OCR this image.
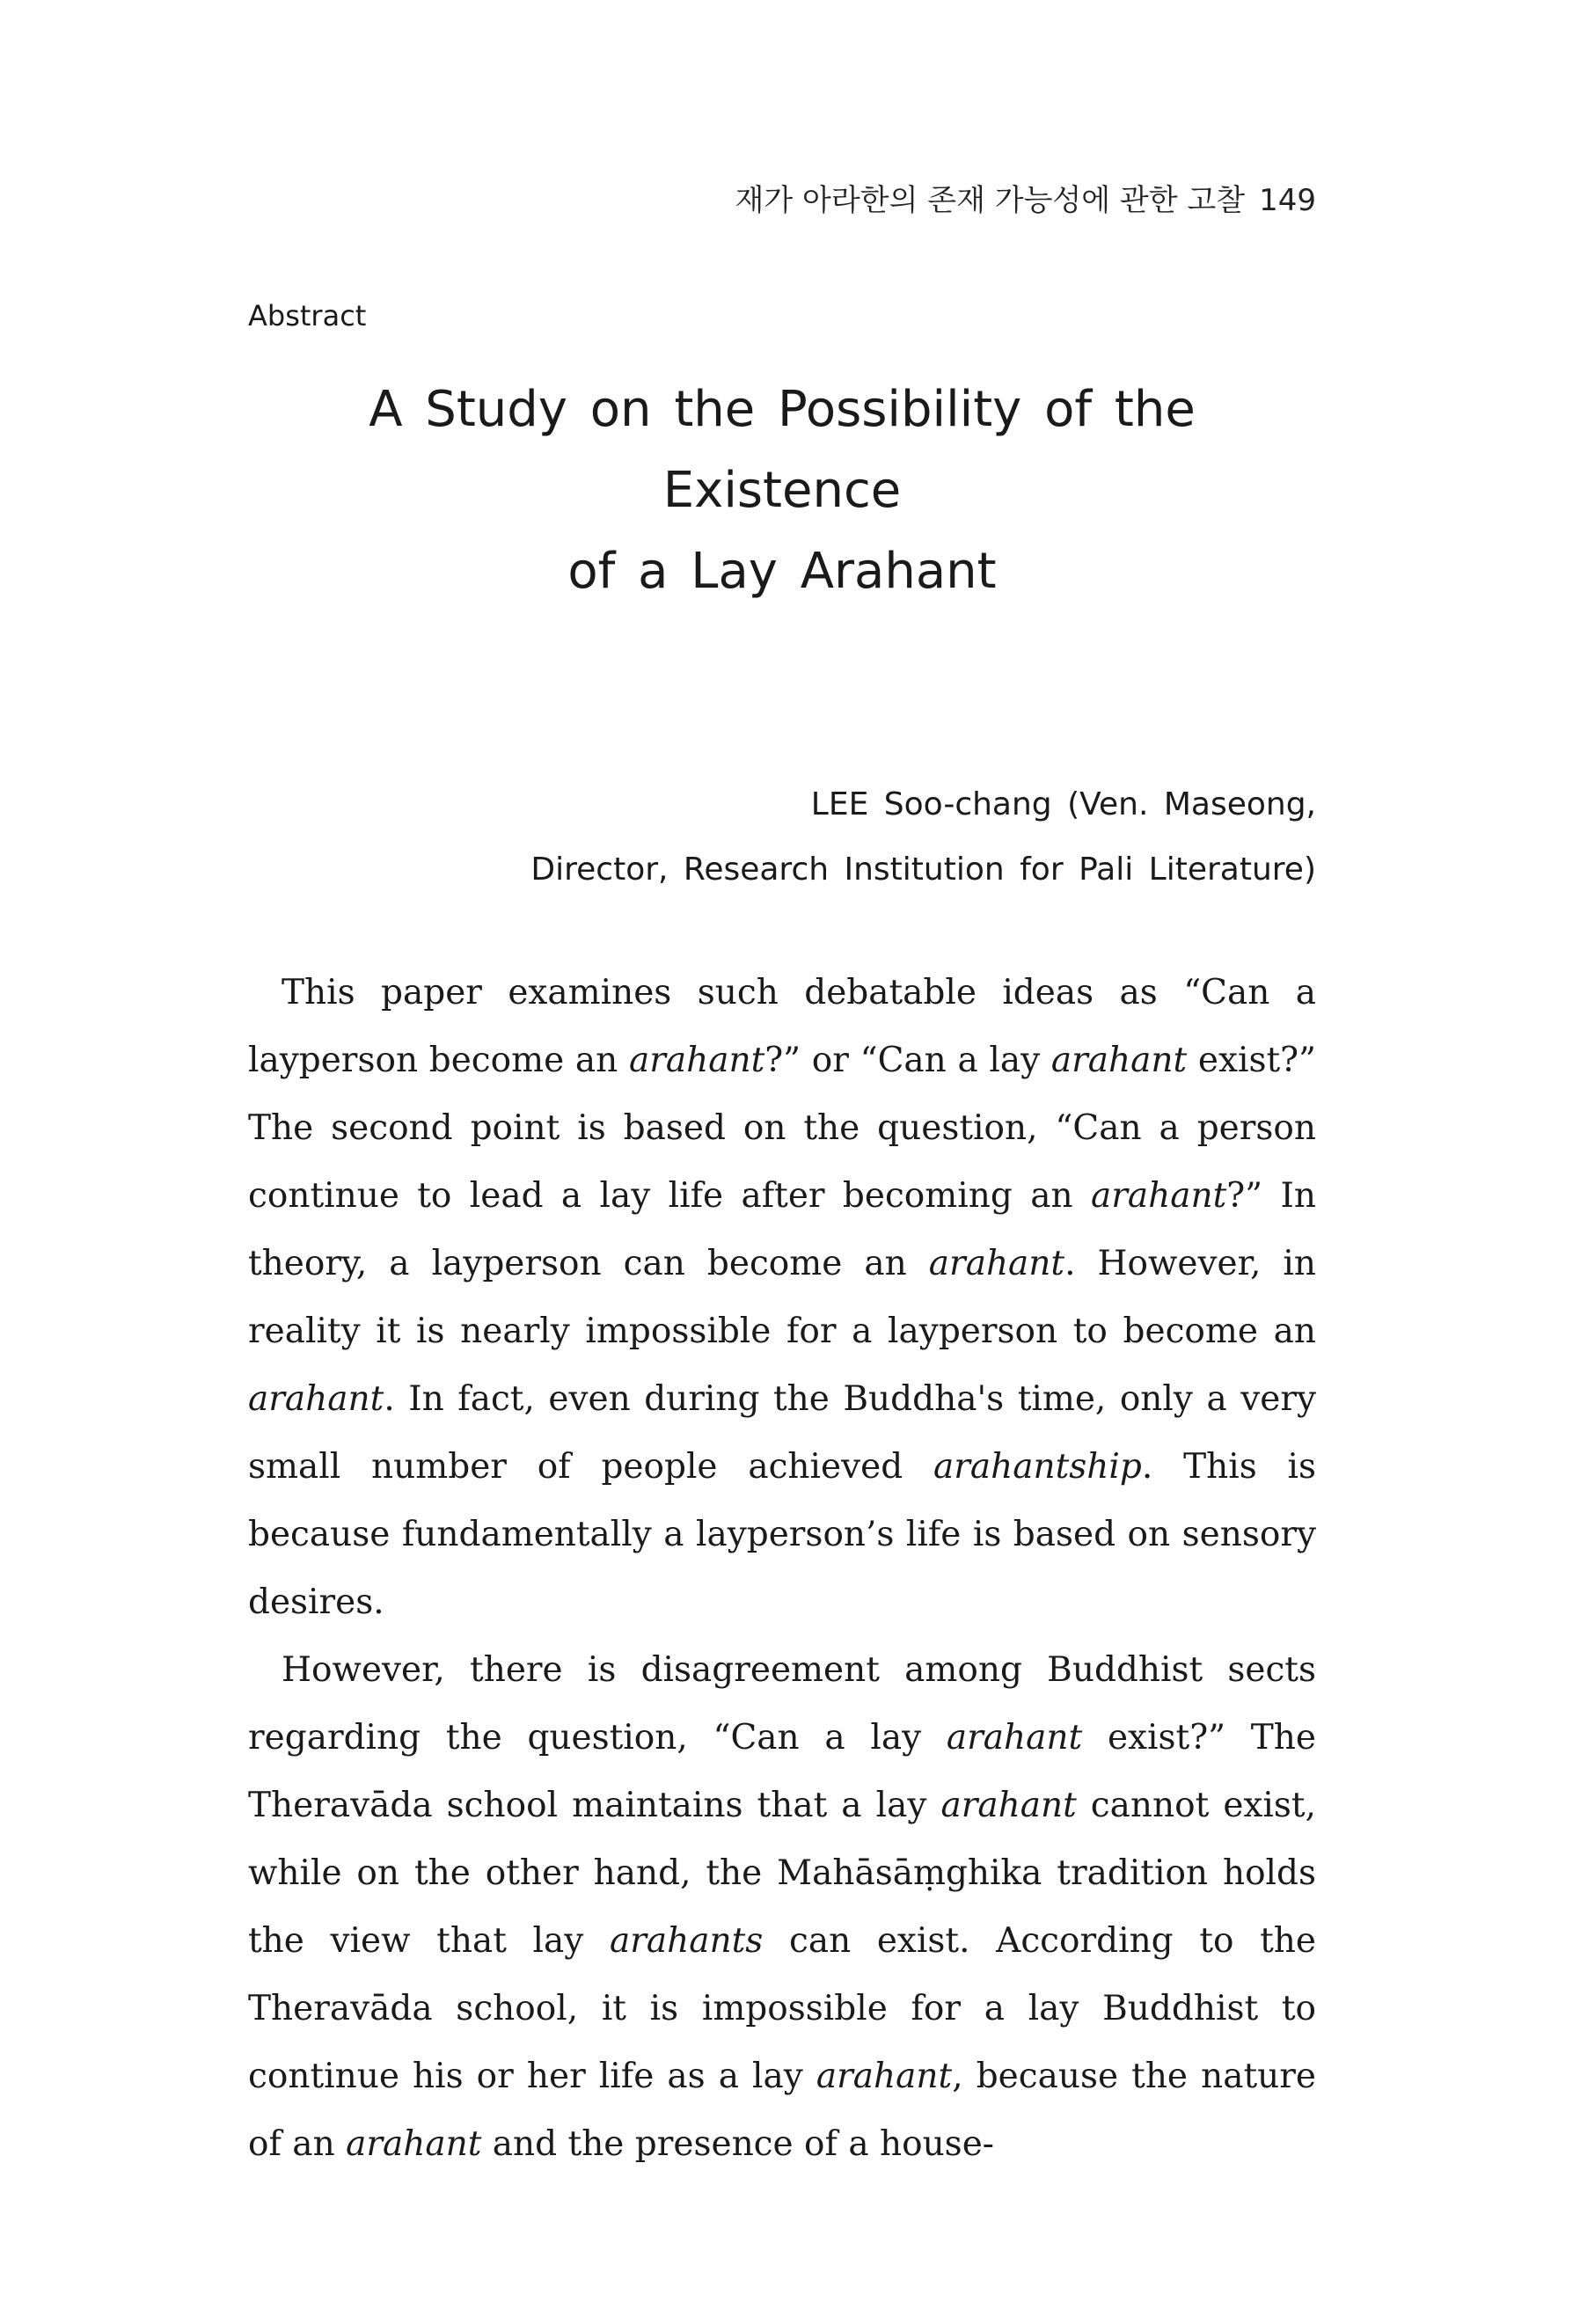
재가 아라한의 존재 가능성에 관한 고찰 149
Abstract
A Study on the Possibility of the Existence
of a Lay Arahant
LEE Soo-chang (Ven. Maseong,
Director, Research Institution for Pali Literature)

This paper examines such debatable ideas as “Can a layperson become an arahant?” or “Can a lay arahant exist?” The second point is based on the question, “Can a person continue to lead a lay life after becoming an arahant?” In theory, a layperson can become an arahant. However, in reality it is nearly impossible for a layperson to become an arahant. In fact, even during the Buddha's time, only a very small number of people achieved arahantship. This is because fundamentally a layperson’s life is based on sensory desires.

However, there is disagreement among Buddhist sects regarding the question, “Can a lay arahant exist?” The Theravāda school maintains that a lay arahant cannot exist, while on the other hand, the Mahāsāṃghika tradition holds the view that lay arahants can exist. According to the Theravāda school, it is impossible for a lay Buddhist to continue his or her life as a lay arahant, because the nature of an arahant and the presence of a house-
